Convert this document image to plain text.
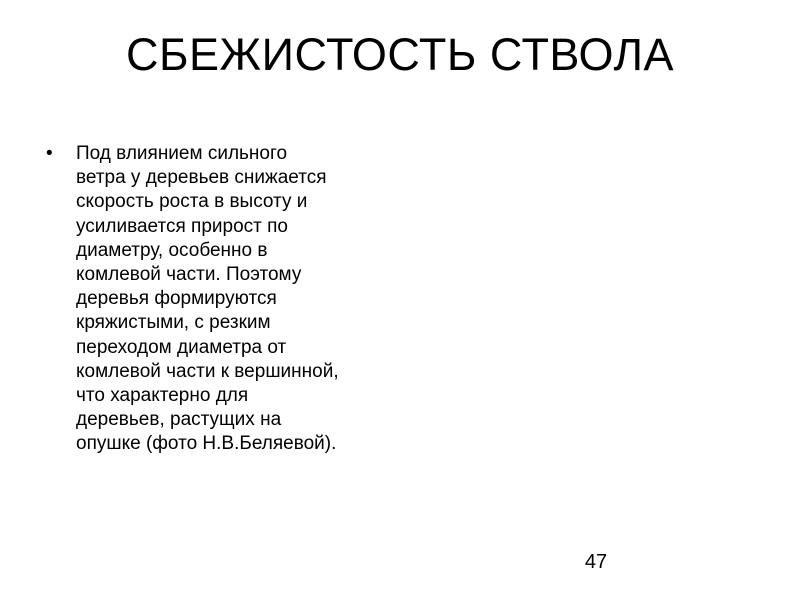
СБЕЖИСТОСТЬ СТВОЛА
•	Под влиянием сильного
ветра у деревьев снижается
скорость роста в высоту и
усиливается прирост по
диаметру, особенно в
комлевой части. Поэтому
деревья формируются
кряжистыми, с резким
переходом диаметра от
комлевой части к вершинной,
что характерно для
деревьев, растущих на
опушке (фото Н.В.Беляевой).
47
